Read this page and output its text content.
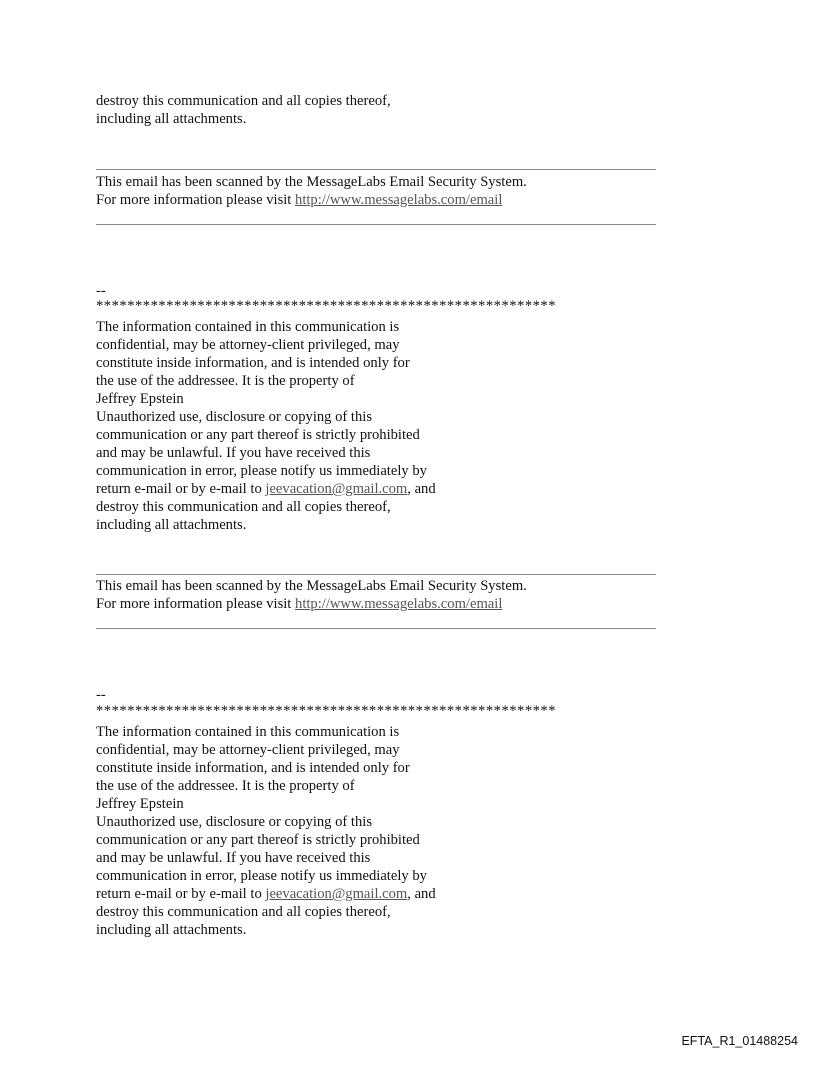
destroy this communication and all copies thereof,
including all attachments.
This email has been scanned by the MessageLabs Email Security System.
For more information please visit http://www.messagelabs.com/email
--
***********************************************************
The information contained in this communication is
confidential, may be attorney-client privileged, may
constitute inside information, and is intended only for
the use of the addressee. It is the property of
Jeffrey Epstein
Unauthorized use, disclosure or copying of this
communication or any part thereof is strictly prohibited
and may be unlawful. If you have received this
communication in error, please notify us immediately by
return e-mail or by e-mail to jeevacation@gmail.com, and
destroy this communication and all copies thereof,
including all attachments.
This email has been scanned by the MessageLabs Email Security System.
For more information please visit http://www.messagelabs.com/email
--
***********************************************************
The information contained in this communication is
confidential, may be attorney-client privileged, may
constitute inside information, and is intended only for
the use of the addressee. It is the property of
Jeffrey Epstein
Unauthorized use, disclosure or copying of this
communication or any part thereof is strictly prohibited
and may be unlawful. If you have received this
communication in error, please notify us immediately by
return e-mail or by e-mail to jeevacation@gmail.com, and
destroy this communication and all copies thereof,
including all attachments.
EFTA_R1_01488254
